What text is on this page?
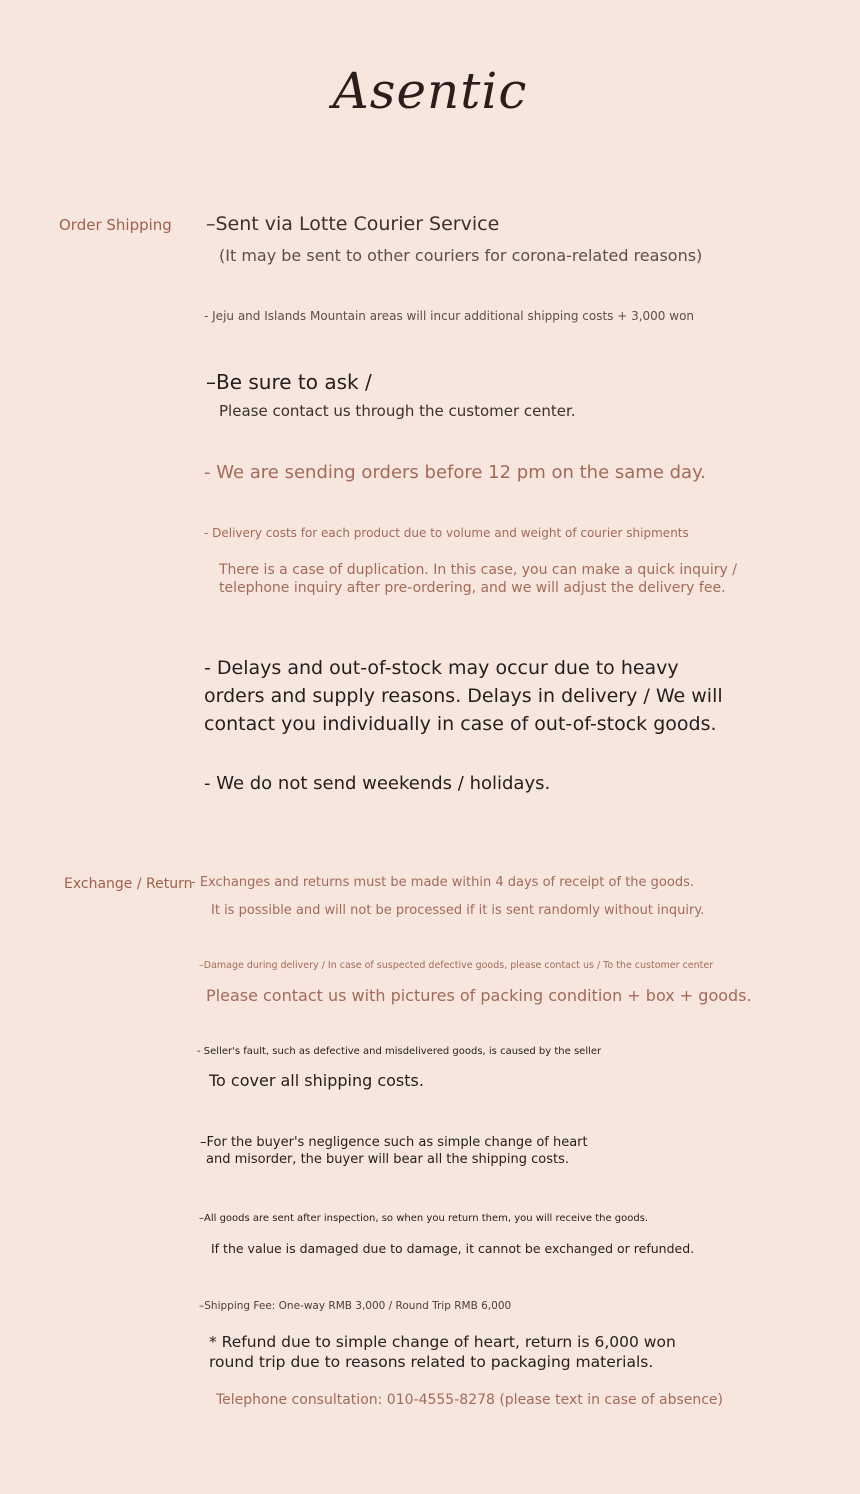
Asentic
Order Shipping –Sent via Lotte Courier Service
(It may be sent to other couriers for corona-related reasons)
- Jeju and Islands Mountain areas will incur additional shipping costs + 3,000 won
–Be sure to ask /
Please contact us through the customer center.
- We are sending orders before 12 pm on the same day.
- Delivery costs for each product due to volume and weight of courier shipments
There is a case of duplication. In this case, you can make a quick inquiry /
telephone inquiry after pre-ordering, and we will adjust the delivery fee.
- Delays and out-of-stock may occur due to heavy
orders and supply reasons. Delays in delivery / We will
contact you individually in case of out-of-stock goods.
- We do not send weekends / holidays.
Exchange / Return
- Exchanges and returns must be made within 4 days of receipt of the goods.
It is possible and will not be processed if it is sent randomly without inquiry.
–Damage during delivery / In case of suspected defective goods, please contact us / To the customer center
Please contact us with pictures of packing condition + box + goods.
- Seller's fault, such as defective and misdelivered goods, is caused by the seller
To cover all shipping costs.
–For the buyer's negligence such as simple change of heart
and misorder, the buyer will bear all the shipping costs.
–All goods are sent after inspection, so when you return them, you will receive the goods.
If the value is damaged due to damage, it cannot be exchanged or refunded.
–Shipping Fee: One-way RMB 3,000 / Round Trip RMB 6,000
* Refund due to simple change of heart, return is 6,000 won
round trip due to reasons related to packaging materials.
Telephone consultation: 010-4555-8278 (please text in case of absence)
